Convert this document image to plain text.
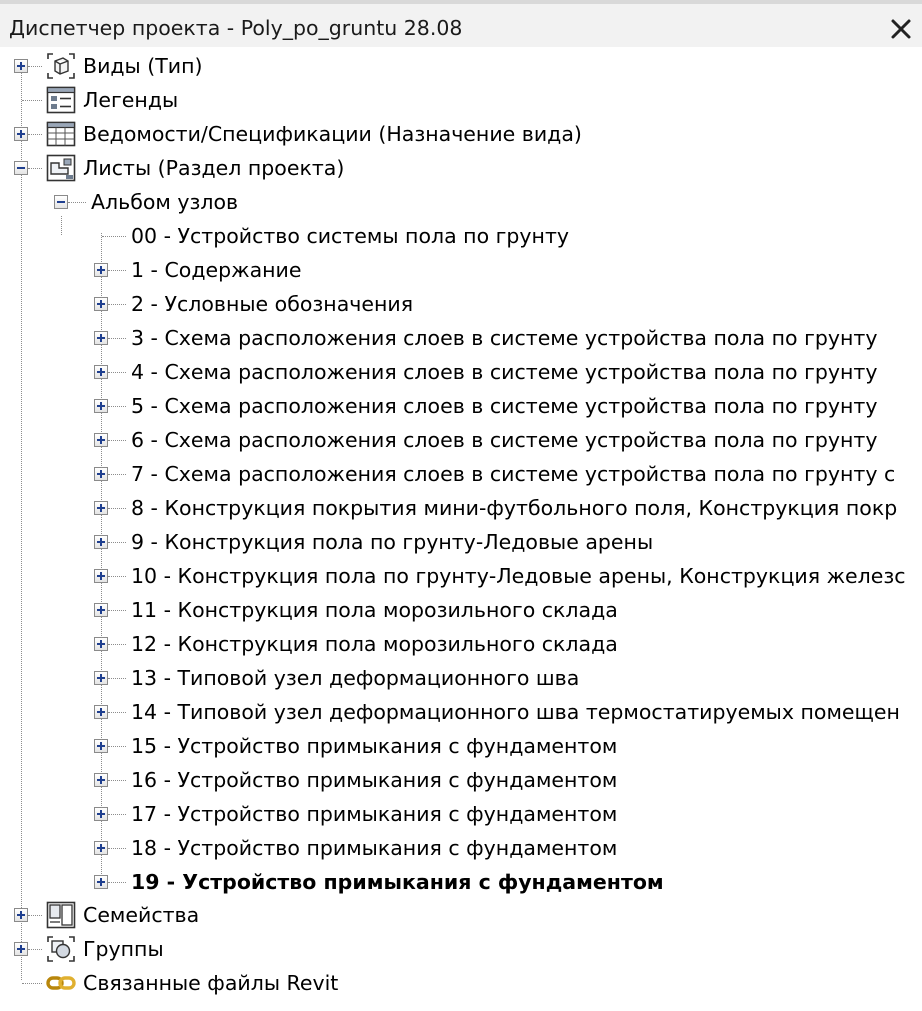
Диспетчер проекта - Poly_po_gruntu 28.08
Виды (Тип)
Легенды
Ведомости/Спецификации (Назначение вида)
Листы (Раздел проекта)
Альбом узлов
00 - Устройство системы пола по грунту
1 - Содержание
2 - Условные обозначения
3 - Схема расположения слоев в системе устройства пола по грунту
4 - Схема расположения слоев в системе устройства пола по грунту
5 - Схема расположения слоев в системе устройства пола по грунту
6 - Схема расположения слоев в системе устройства пола по грунту
7 - Схема расположения слоев в системе устройства пола по грунту с
8 - Конструкция покрытия мини-футбольного поля, Конструкция покр
9 - Конструкция пола по грунту-Ледовые арены
10 - Конструкция пола по грунту-Ледовые арены, Конструкция железс
11 - Конструкция пола морозильного склада
12 - Конструкция пола морозильного склада
13 - Типовой узел деформационного шва
14 - Типовой узел деформационного шва термостатируемых помещен
15 - Устройство примыкания с фундаментом
16 - Устройство примыкания с фундаментом
17 - Устройство примыкания с фундаментом
18 - Устройство примыкания с фундаментом
19 - Устройство примыкания с фундаментом
Семейства
Группы
Связанные файлы Revit
